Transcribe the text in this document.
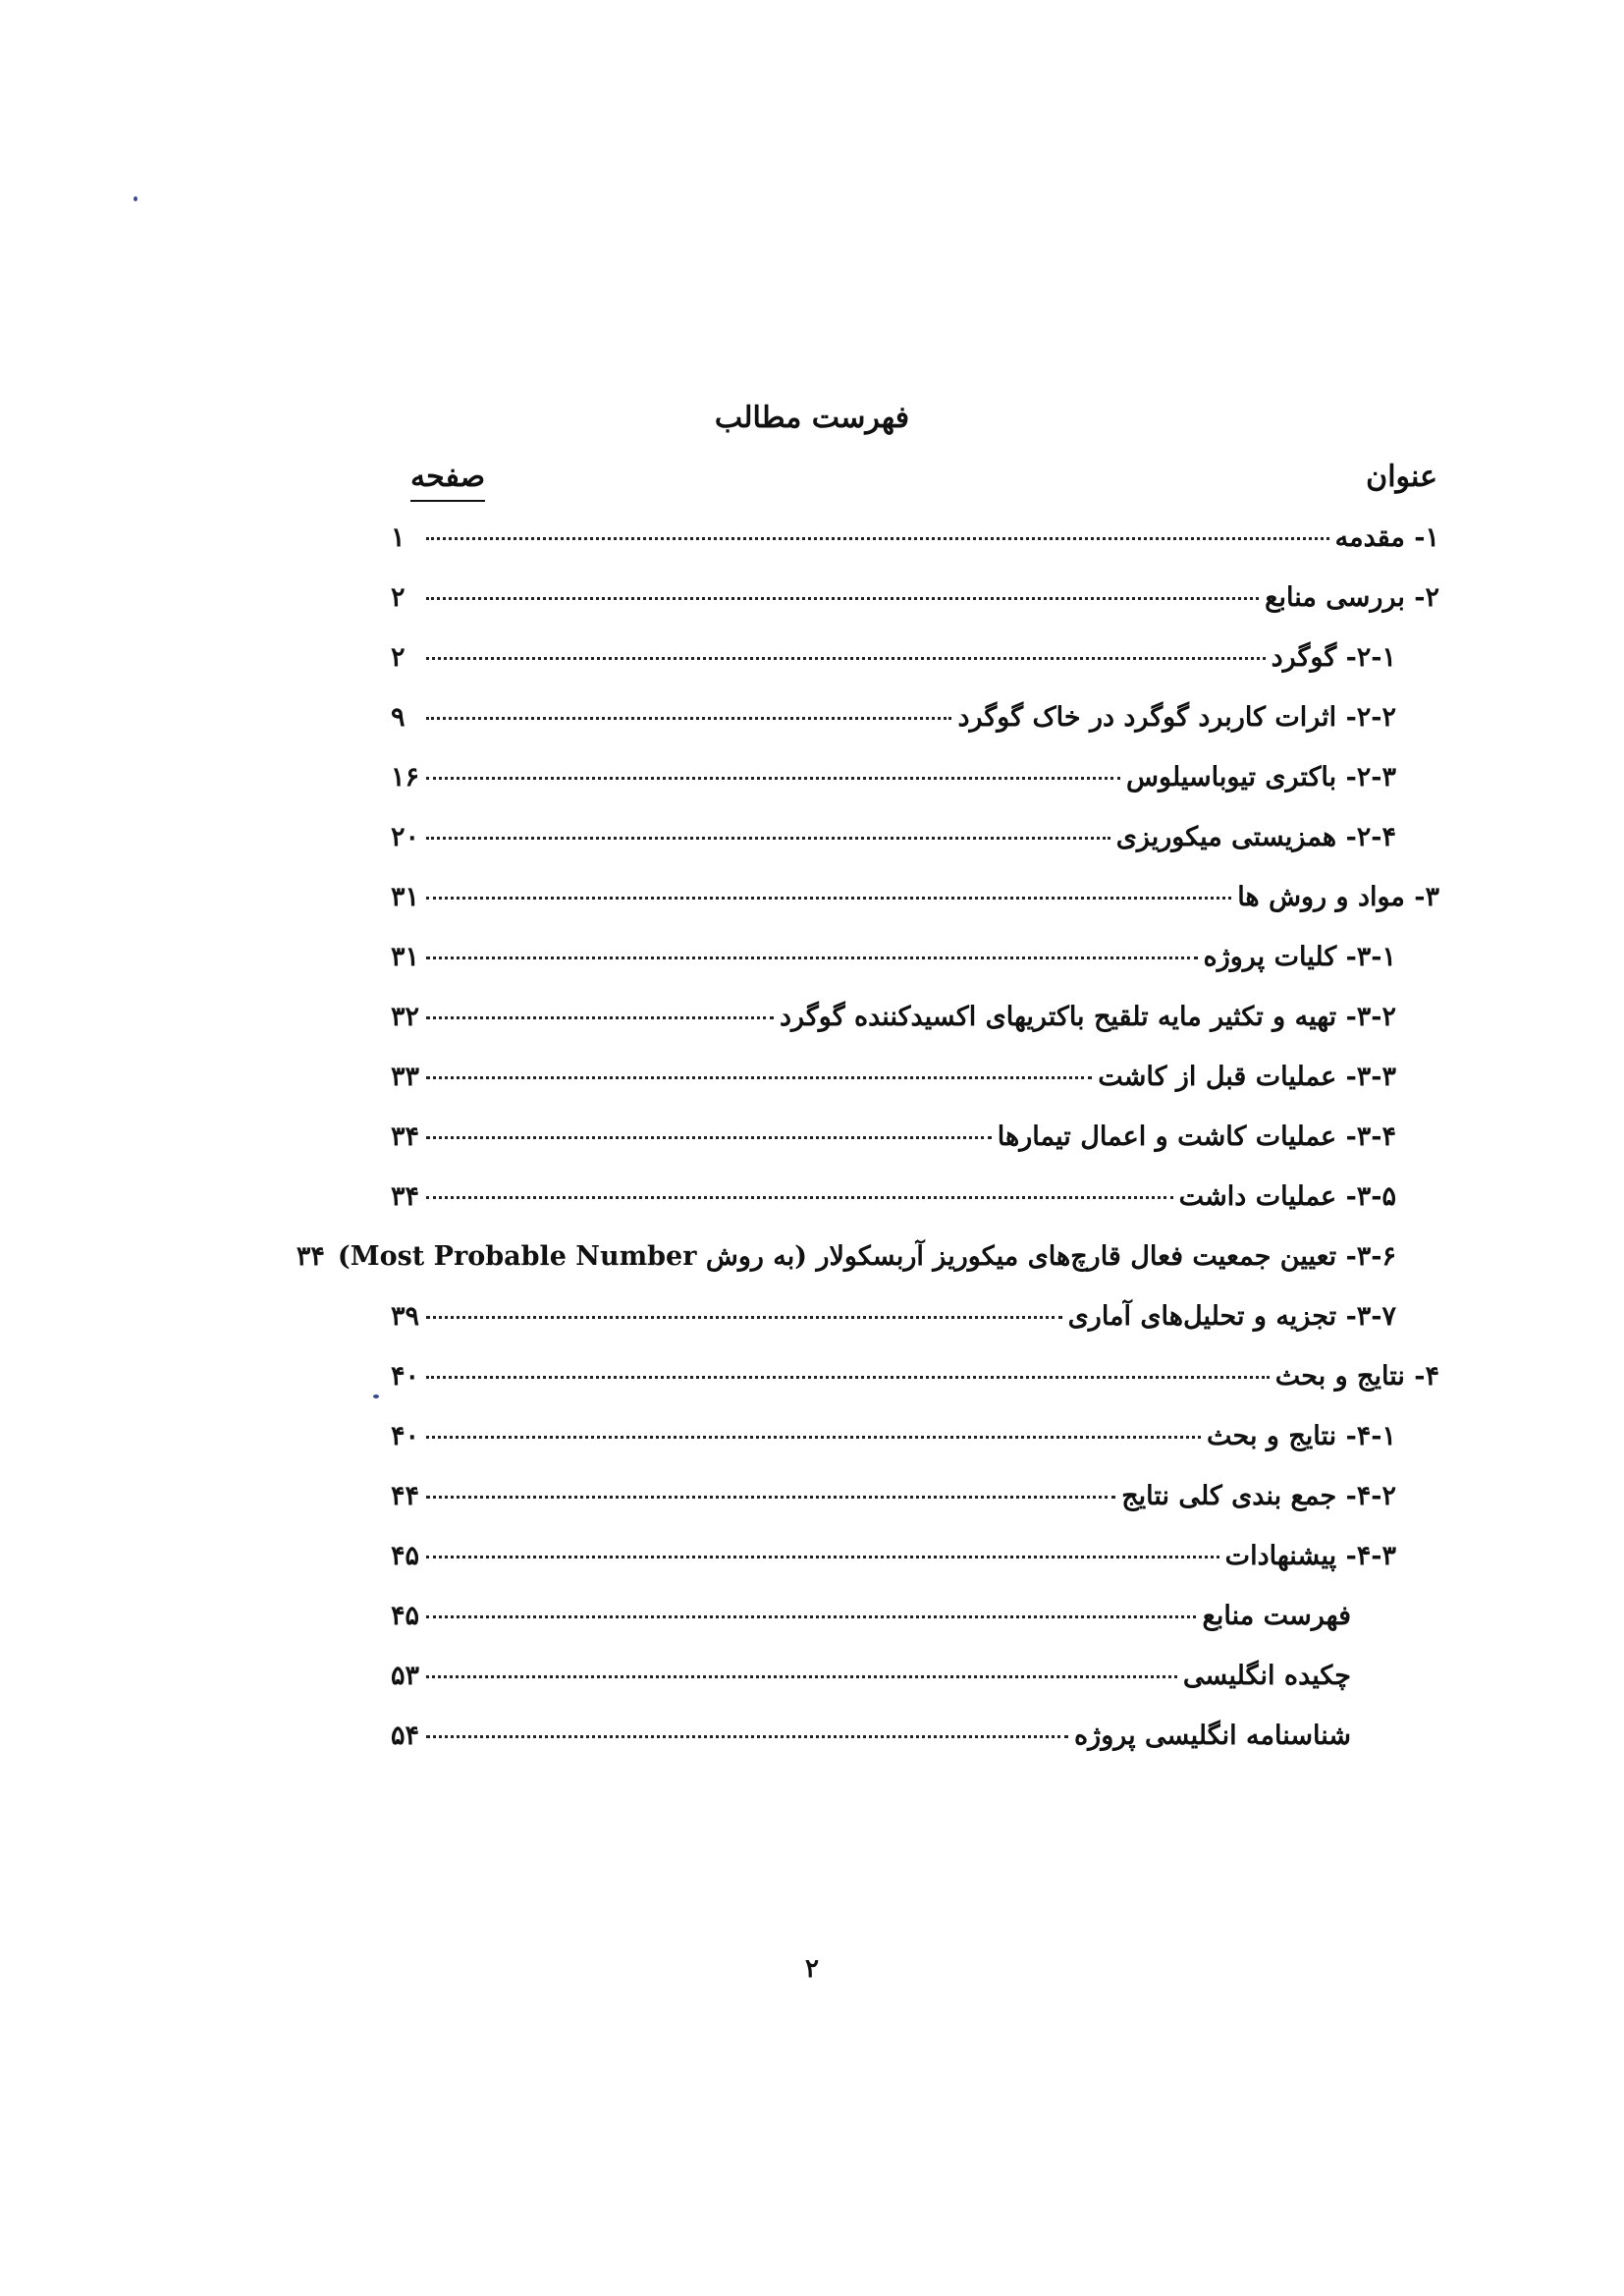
فهرست مطالب
عنوان
صفحه
۱- مقدمه
۱
۲- بررسی منابع
۲
۲-۱- گوگرد
۲
۲-۲- اثرات کاربرد گوگرد در خاک گوگرد
۹
۲-۳- باکتری تیوباسیلوس
۱۶
۲-۴- همزیستی میکوریزی
۲۰
۳- مواد و روش ها
۳۱
۳-۱- کلیات پروژه
۳۱
۳-۲- تهیه و تکثیر مایه تلقیح باکتریهای اکسیدکننده گوگرد
۳۲
۳-۳- عملیات قبل از کاشت
۳۳
۳-۴- عملیات کاشت و اعمال تیمارها
۳۴
۳-۵- عملیات داشت
۳۴
۳-۶- تعیین جمعیت فعال قارچ‌های میکوریز آربسکولار (به روش Most Probable Number)
۳۴
۳-۷- تجزیه و تحلیل‌های آماری
۳۹
۴- نتایج و بحث
۴۰
۴-۱- نتایج و بحث
۴۰
۴-۲- جمع بندی کلی نتایج
۴۴
۴-۳- پیشنهادات
۴۵
فهرست منابع
۴۵
چکیده انگلیسی
۵۳
شناسنامه انگلیسی پروژه
۵۴
۲
